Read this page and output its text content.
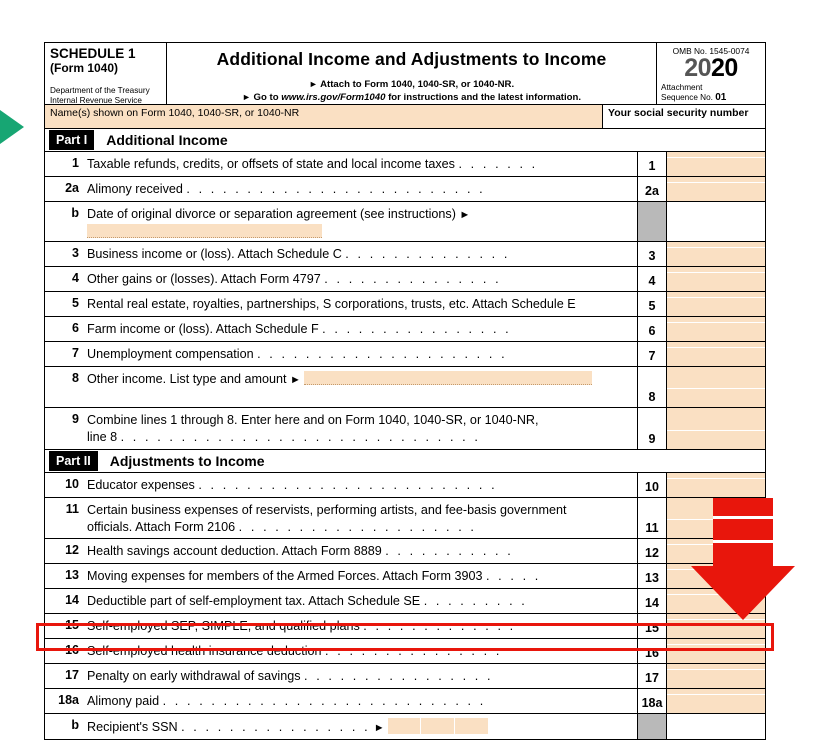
SCHEDULE 1
(Form 1040)
Department of the Treasury
Internal Revenue Service
Additional Income and Adjustments to Income
► Attach to Form 1040, 1040-SR, or 1040-NR.
► Go to www.irs.gov/Form1040 for instructions and the latest information.
OMB No. 1545-0074
2020
Attachment
Sequence No. 01
Name(s) shown on Form 1040, 1040-SR, or 1040-NR	Your social security number
Part I	Additional Income
1 Taxable refunds, credits, or offsets of state and local income taxes . . . . . . .	1
2a Alimony received . . . . . . . . . . . . . . . . . . . . . . . . .	2a
b Date of original divorce or separation agreement (see instructions) ►
3 Business income or (loss). Attach Schedule C . . . . . . . . . . . . . .	3
4 Other gains or (losses). Attach Form 4797 . . . . . . . . . . . . . . .	4
5 Rental real estate, royalties, partnerships, S corporations, trusts, etc. Attach Schedule E	5
6 Farm income or (loss). Attach Schedule F . . . . . . . . . . . . . . . .	6
7 Unemployment compensation . . . . . . . . . . . . . . . . . . . . .	7
8 Other income. List type and amount ►
8
9 Combine lines 1 through 8. Enter here and on Form 1040, 1040-SR, or 1040-NR,
line 8 . . . . . . . . . . . . . . . . . . . . . . . . . . . . . .	9
Part II	Adjustments to Income
10 Educator expenses . . . . . . . . . . . . . . . . . . . . . . . . .	10
11 Certain business expenses of reservists, performing artists, and fee-basis government
officials. Attach Form 2106 . . . . . . . . . . . . . . . . . . . .	11
12 Health savings account deduction. Attach Form 8889 . . . . . . . . . . .	12
13 Moving expenses for members of the Armed Forces. Attach Form 3903 . . . . .	13
14 Deductible part of self-employment tax. Attach Schedule SE . . . . . . . . .	14
15 Self-employed SEP, SIMPLE, and qualified plans . . . . . . . . . . . . .	15
16 Self-employed health insurance deduction . . . . . . . . . . . . . . .	16
17 Penalty on early withdrawal of savings . . . . . . . . . . . . . . . .	17
18a Alimony paid . . . . . . . . . . . . . . . . . . . . . . . . . . .	18a
b Recipient's SSN . . . . . . . . . . . . . . . . ►
